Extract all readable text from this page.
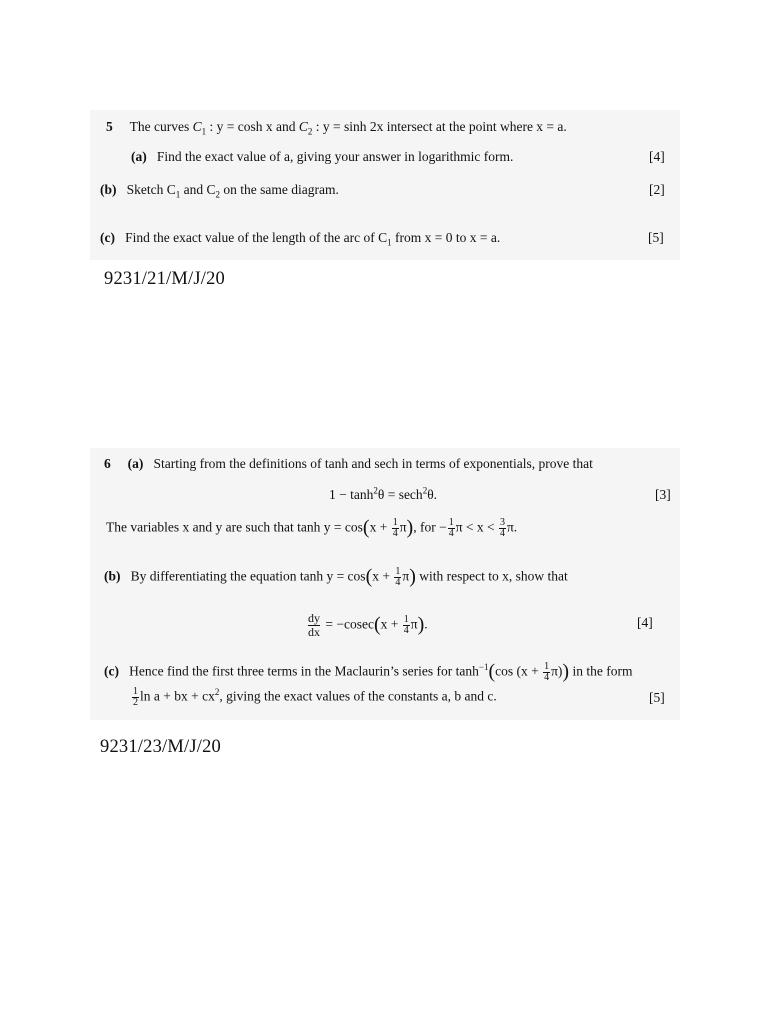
5 The curves $C_1$ : y = cosh x and $C_2$ : y = sinh 2x intersect at the point where x = a.
(a) Find the exact value of a, giving your answer in logarithmic form.	[4]
(b) Sketch $C_1$ and $C_2$ on the same diagram.	[2]
(c) Find the exact value of the length of the arc of $C_1$ from x = 0 to x = a.	[5]
9231/21/M/J/20
6 (a) Starting from the definitions of tanh and sech in terms of exponentials, prove that
$1 - \tanh^2\theta = \sec h^2\theta$.	[3]
The variables x and y are such that $\tanh y = \cos(x + \frac{1}{4} \pi)$, for − $\frac{1}{4}$ $\pi < x < \frac{3}{4} \pi$.
(b) By differentiating the equation $\tanh y = \cos(x + \frac{1}{4} \pi)$ with respect to x, show that
$\frac{dy}{dx} = -cosec(x + \frac{1}{4} \pi)$.	[4]
(c) Hence find the first three terms in the Maclaurin’s series for $\tanh^{-1}(\cos$ $(x + \frac{1}{4} \pi)$) in the form
$\frac{1}{2}$ ln a + bx + $cx^2$, giving the exact values of the constants a, b and c.	[5]
9231/23/M/J/20
